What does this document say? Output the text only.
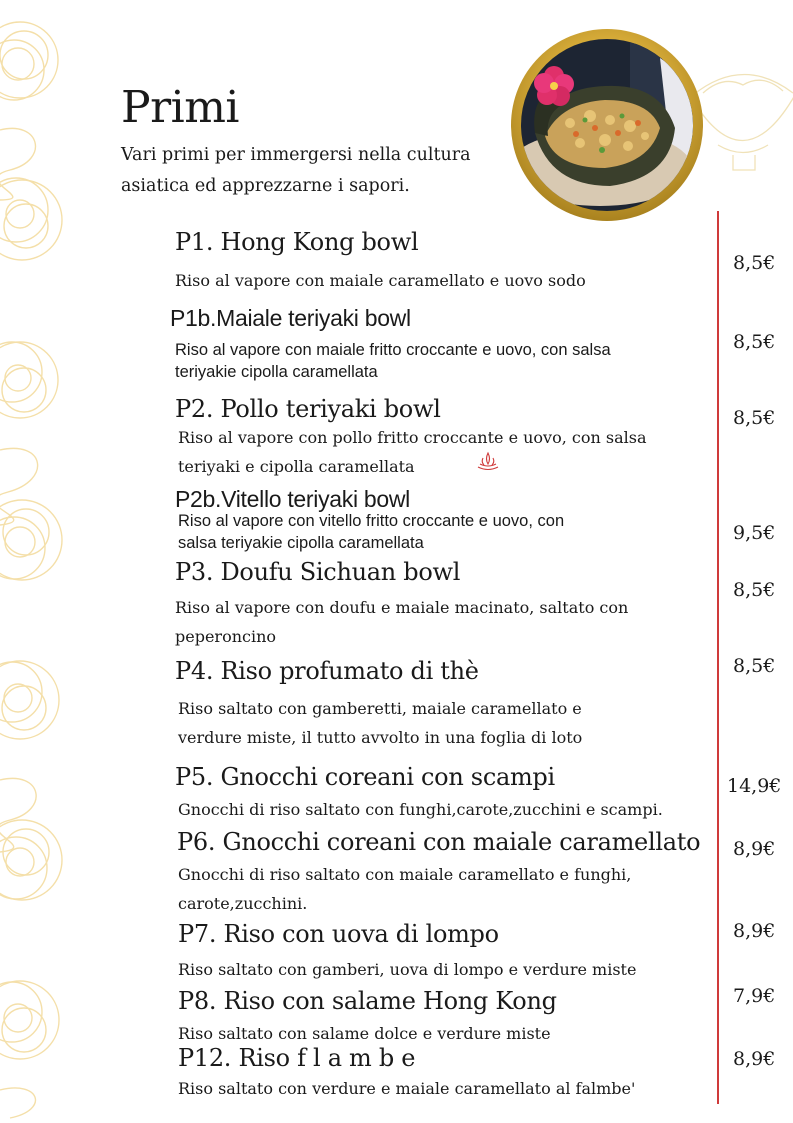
Primi
Vari primi per immergersi nella cultura asiatica ed apprezzarne i sapori.
P1. Hong Kong bowl
Riso al vapore con maiale caramellato e uovo sodo
8,5€
P1b.Maiale teriyaki bowl
Riso al vapore con maiale fritto croccante e uovo, con salsa
teriyakie cipolla caramellata
8,5€
P2. Pollo teriyaki bowl
Riso al vapore con pollo fritto croccante e uovo, con salsa
teriyaki e cipolla caramellata
8,5€
P2b.Vitello teriyaki bowl
Riso al vapore con vitello fritto croccante e uovo, con
salsa teriyakie cipolla caramellata	9,5€
P3. Doufu Sichuan bowl
Riso al vapore con doufu e maiale macinato, saltato con
peperoncino
8,5€
P4. Riso profumato di thè
Riso saltato con gamberetti, maiale caramellato e
verdure miste, il tutto avvolto in una foglia di loto
8,5€
P5. Gnocchi coreani con scampi
Gnocchi di riso saltato con funghi,carote,zucchini e scampi.
14,9€
P6. Gnocchi coreani con maiale caramellato
Gnocchi di riso saltato con maiale caramellato e funghi,
carote,zucchini.
8,9€
P7. Riso con uova di lompo
Riso saltato con gamberi, uova di lompo e verdure miste
8,9€
P8. Riso con salame Hong Kong
Riso saltato con salame dolce e verdure miste
7,9€
P12. Riso f l a m b e
Riso saltato con verdure e maiale caramellato al falmbe'
8,9€
